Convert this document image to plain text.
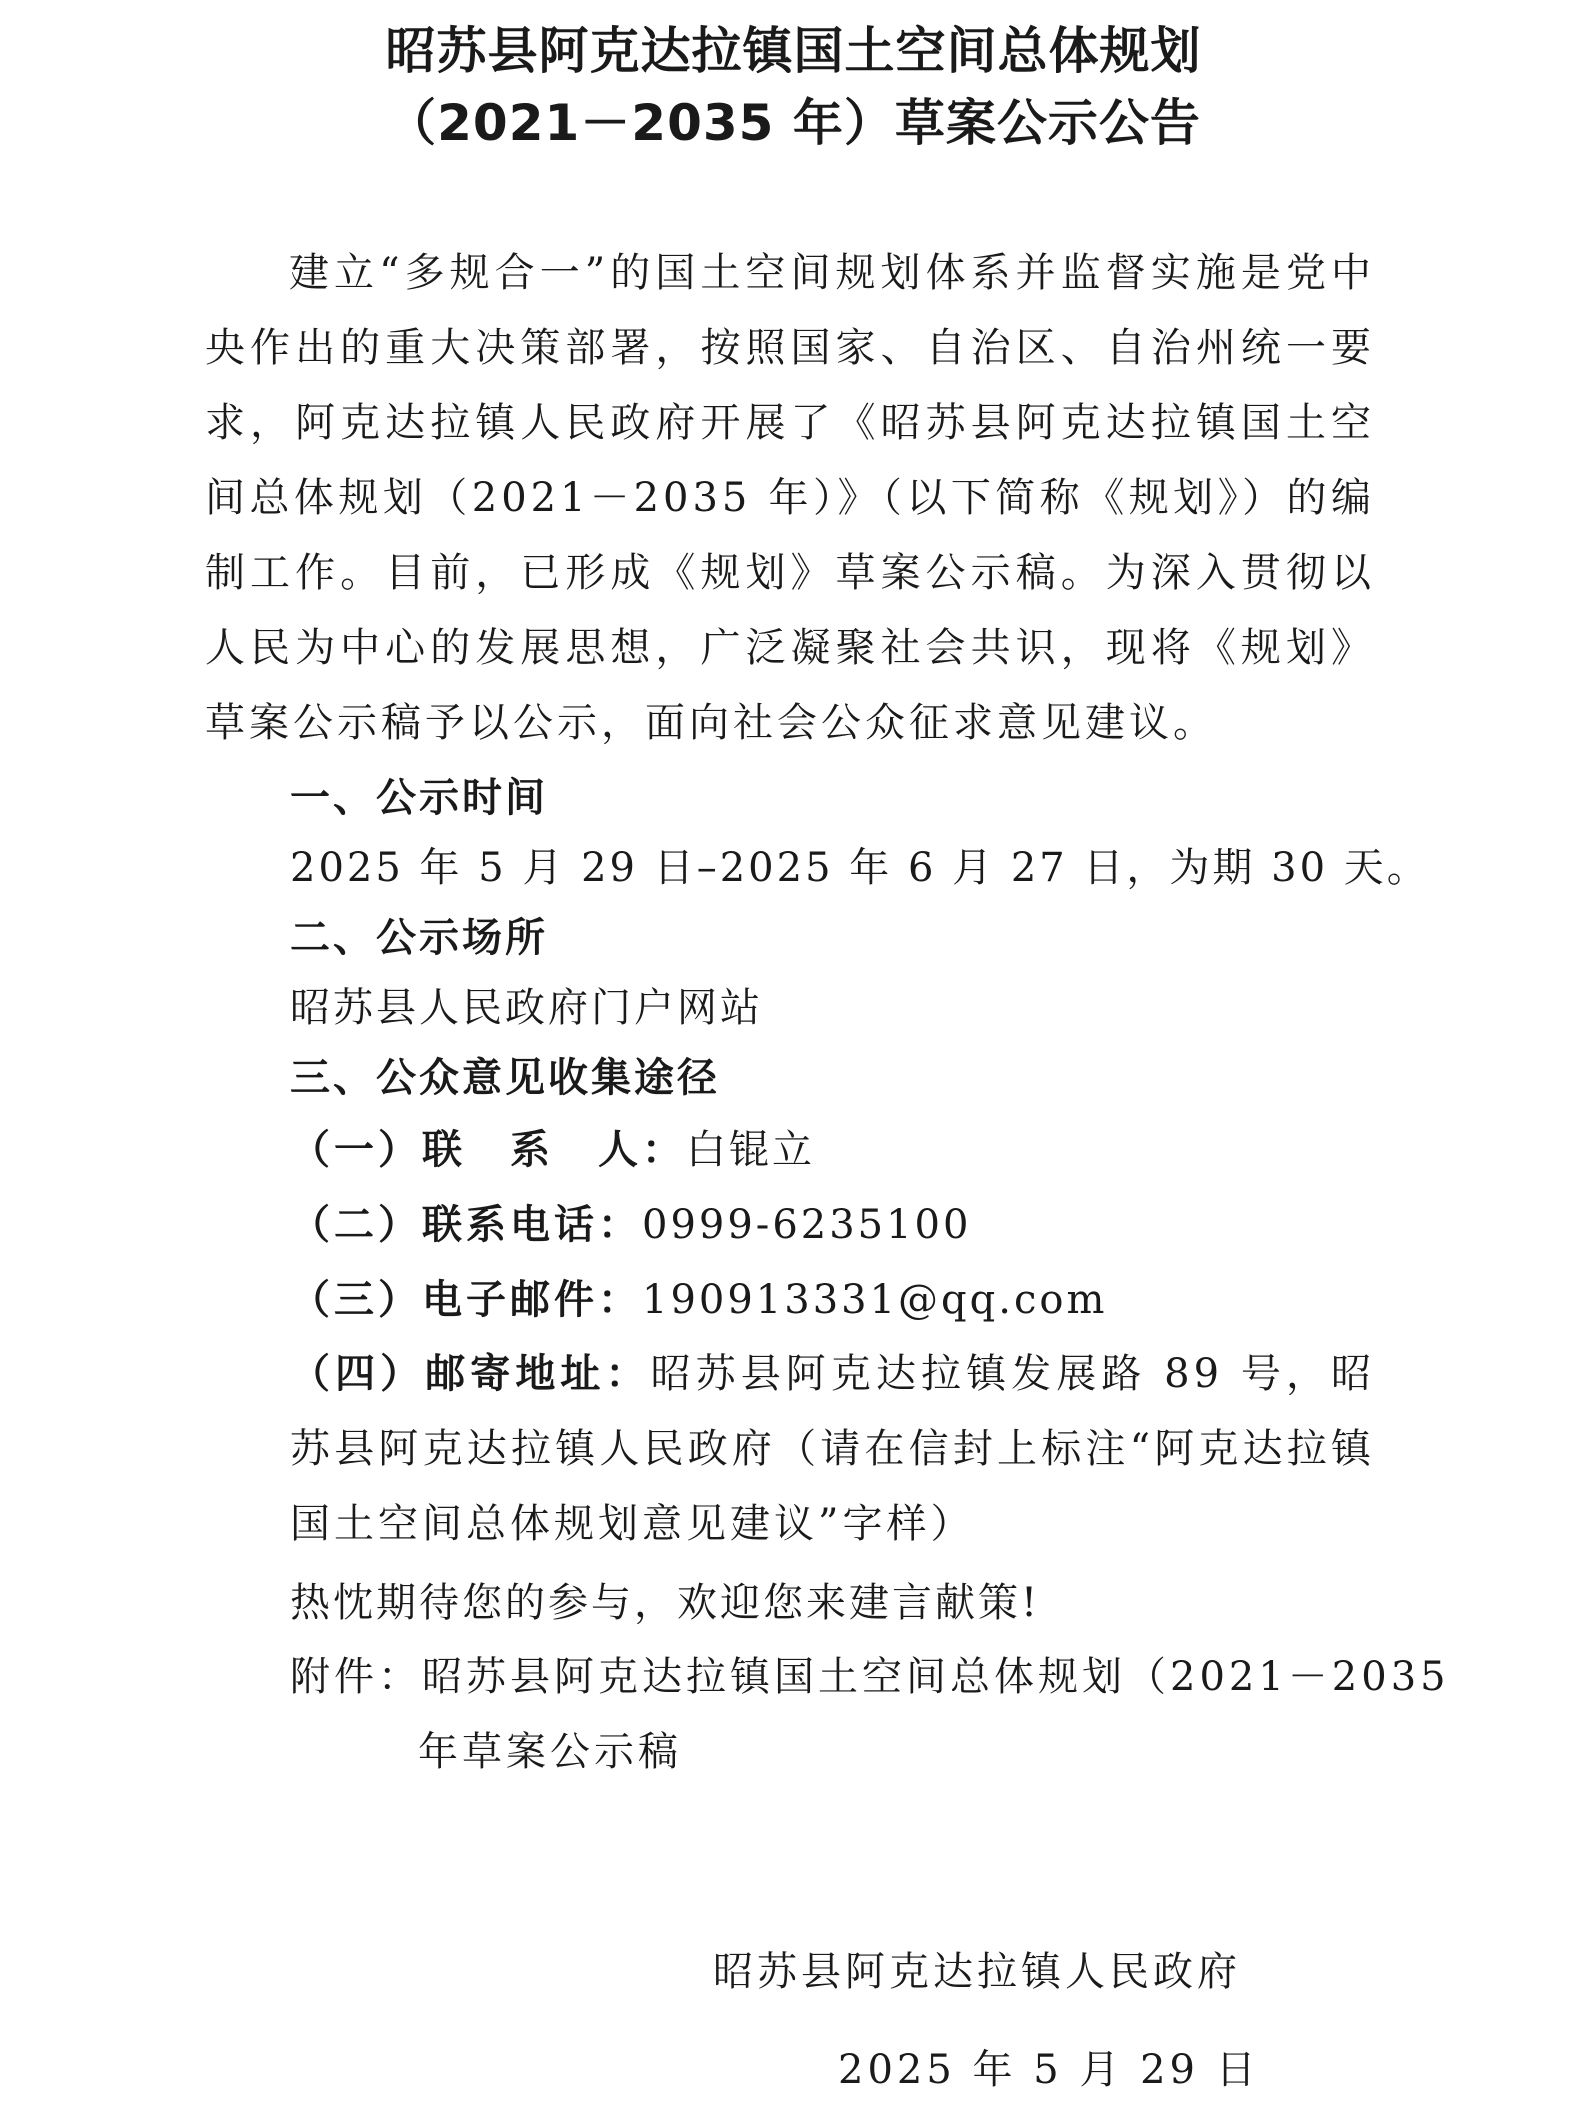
昭苏县阿克达拉镇国土空间总体规划
（2021－2035 年）草案公示公告

建立“多规合一”的国土空间规划体系并监督实施是党中央作出的重大决策部署，按照国家、自治区、自治州统一要求，阿克达拉镇人民政府开展了《昭苏县阿克达拉镇国土空间总体规划（2021－2035 年）》（以下简称《规划》）的编制工作。目前，已形成《规划》草案公示稿。为深入贯彻以人民为中心的发展思想，广泛凝聚社会共识，现将《规划》草案公示稿予以公示，面向社会公众征求意见建议。

一、公示时间
2025 年 5 月 29 日–2025 年 6 月 27 日，为期 30 天。
二、公示场所
昭苏县人民政府门户网站
三、公众意见收集途径
（一）联　系　人：白锟立
（二）联系电话：0999-6235100
（三）电子邮件：190913331@qq.com

（四）邮寄地址：昭苏县阿克达拉镇发展路 89 号，昭苏县阿克达拉镇人民政府（请在信封上标注“阿克达拉镇国土空间总体规划意见建议”字样）

热忱期待您的参与，欢迎您来建言献策!

附件：昭苏县阿克达拉镇国土空间总体规划（2021－2035 年草案公示稿

昭苏县阿克达拉镇人民政府
2025 年 5 月 29 日
